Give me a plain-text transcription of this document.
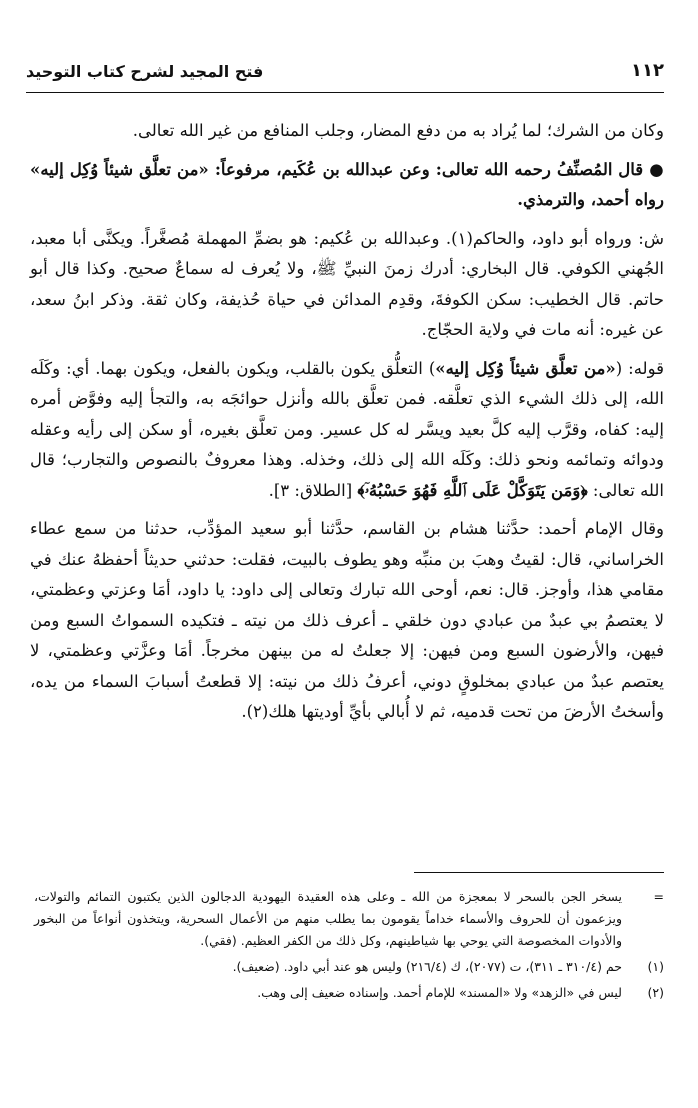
١١٢
فتح المجيد لشرح كتاب التوحيد

وكان من الشرك؛ لما يُراد به من دفع المضار، وجلب المنافع من غير الله تعالى.

● قال المُصنِّفُ رحمه الله تعالى: وعن عبدالله بن عُكَيم، مرفوعاً: «من تعلَّق شيئاً وُكِل إليه» رواه أحمد، والترمذي.

ش: ورواه أبو داود، والحاكم(١). وعبدالله بن عُكيم: هو بضمِّ المهملة مُصغَّراً. ويكنَّى أبا معبد، الجُهني الكوفي. قال البخاري: أدرك زمنَ النبيِّ ﷺ، ولا يُعرف له سماعٌ صحيح. وكذا قال أبو حاتم. قال الخطيب: سكن الكوفةَ، وقدِم المدائن في حياة حُذيفة، وكان ثقة. وذكر ابنُ سعد، عن غيره: أنه مات في ولاية الحجّاج.

قوله: («من تعلَّق شيئاً وُكِل إليه») التعلُّق يكون بالقلب، ويكون بالفعل، ويكون بهما. أي: وكَلَه الله، إلى ذلك الشيء الذي تعلَّقه. فمن تعلَّق بالله وأنزل حوائجَه به، والتجأ إليه وفوَّض أمره إليه: كفاه، وقرَّب إليه كلَّ بعيد ويسَّر له كل عسير. ومن تعلَّق بغيره، أو سكن إلى رأيه وعقله ودوائه وتمائمه ونحو ذلك: وكَلَه الله إلى ذلك، وخذله. وهذا معروفٌ بالنصوص والتجارب؛ قال الله تعالى: ﴿وَمَن يَتَوَكَّلْ عَلَى ٱللَّهِ فَهُوَ حَسْبُهُۥٓ﴾ [الطلاق: ٣].

وقال الإمام أحمد: حدَّثنا هشام بن القاسم، حدَّثنا أبو سعيد المؤدِّب، حدثنا من سمع عطاء الخراساني، قال: لقيتُ وهبَ بن منبِّه وهو يطوف بالبيت، فقلت: حدثني حديثاً أحفظهُ عنك في مقامي هذا، وأوجز. قال: نعم، أوحى الله تبارك وتعالى إلى داود: يا داود، أمَا وعزتي وعظمتي، لا يعتصمُ بي عبدٌ من عبادي دون خلقي ـ أعرف ذلك من نيته ـ فتكيده السمواتُ السبع ومن فيهن، والأرضون السبع ومن فيهن: إلا جعلتُ له من بينهن مخرجاً. أمَا وعزَّتي وعظمتي، لا يعتصم عبدٌ من عبادي بمخلوقٍ دوني، أعرفُ ذلك من نيته: إلا قطعتُ أسبابَ السماء من يده، وأسختُ الأرضَ من تحت قدميه، ثم لا أُبالي بأيِّ أوديتها هلك(٢).

=
يسخر الجن بالسحر لا بمعجزة من الله ـ وعلى هذه العقيدة اليهودية الدجالون الذين يكتبون التمائم والتولات، ويزعمون أن للحروف والأسماء خداماً يقومون بما يطلب منهم من الأعمال السحرية، ويتخذون أنواعاً من البخور والأدوات المخصوصة التي يوحي بها شياطينهم، وكل ذلك من الكفر العظيم. (فقي).
(١)
حم (٣١٠/٤ ـ ٣١١)، ت (٢٠٧٧)، ك (٢١٦/٤) وليس هو عند أبي داود. (ضعيف).
(٢)
ليس في «الزهد» ولا «المسند» للإمام أحمد. وإسناده ضعيف إلى وهب.
